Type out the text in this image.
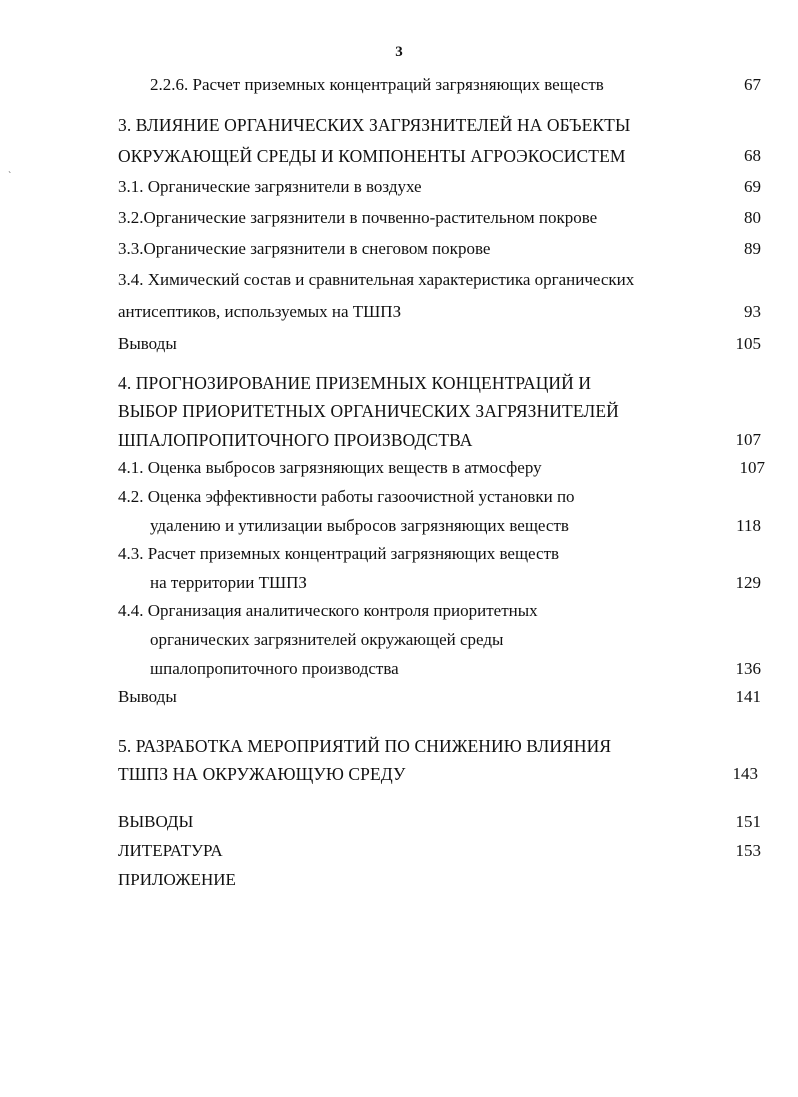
3
`
2.2.6. Расчет приземных концентраций загрязняющих веществ	67
3. ВЛИЯНИЕ ОРГАНИЧЕСКИХ ЗАГРЯЗНИТЕЛЕЙ НА ОБЪЕКТЫ
ОКРУЖАЮЩЕЙ СРЕДЫ И КОМПОНЕНТЫ АГРОЭКОСИСТЕМ	68
3.1. Органические загрязнители в воздухе	69
3.2.Органические загрязнители в почвенно-растительном покрове	80
3.3.Органические загрязнители в снеговом покрове	89
3.4. Химический состав и сравнительная характеристика органических
антисептиков, используемых на ТШПЗ	93
Выводы	105
4. ПРОГНОЗИРОВАНИЕ ПРИЗЕМНЫХ КОНЦЕНТРАЦИЙ И
ВЫБОР ПРИОРИТЕТНЫХ ОРГАНИЧЕСКИХ ЗАГРЯЗНИТЕЛЕЙ
ШПАЛОПРОПИТОЧНОГО ПРОИЗВОДСТВА	107
4.1. Оценка выбросов загрязняющих веществ в атмосферу	107
4.2. Оценка эффективности работы газоочистной установки по
удалению и утилизации выбросов загрязняющих веществ	118
4.3. Расчет приземных концентраций загрязняющих веществ
на территории ТШПЗ	129
4.4. Организация аналитического контроля приоритетных
органических загрязнителей окружающей среды
шпалопропиточного производства	136
Выводы	141
5. РАЗРАБОТКА МЕРОПРИЯТИЙ ПО СНИЖЕНИЮ ВЛИЯНИЯ
ТШПЗ НА ОКРУЖАЮЩУЮ СРЕДУ	143
ВЫВОДЫ	151
ЛИТЕРАТУРА	153
ПРИЛОЖЕНИЕ
